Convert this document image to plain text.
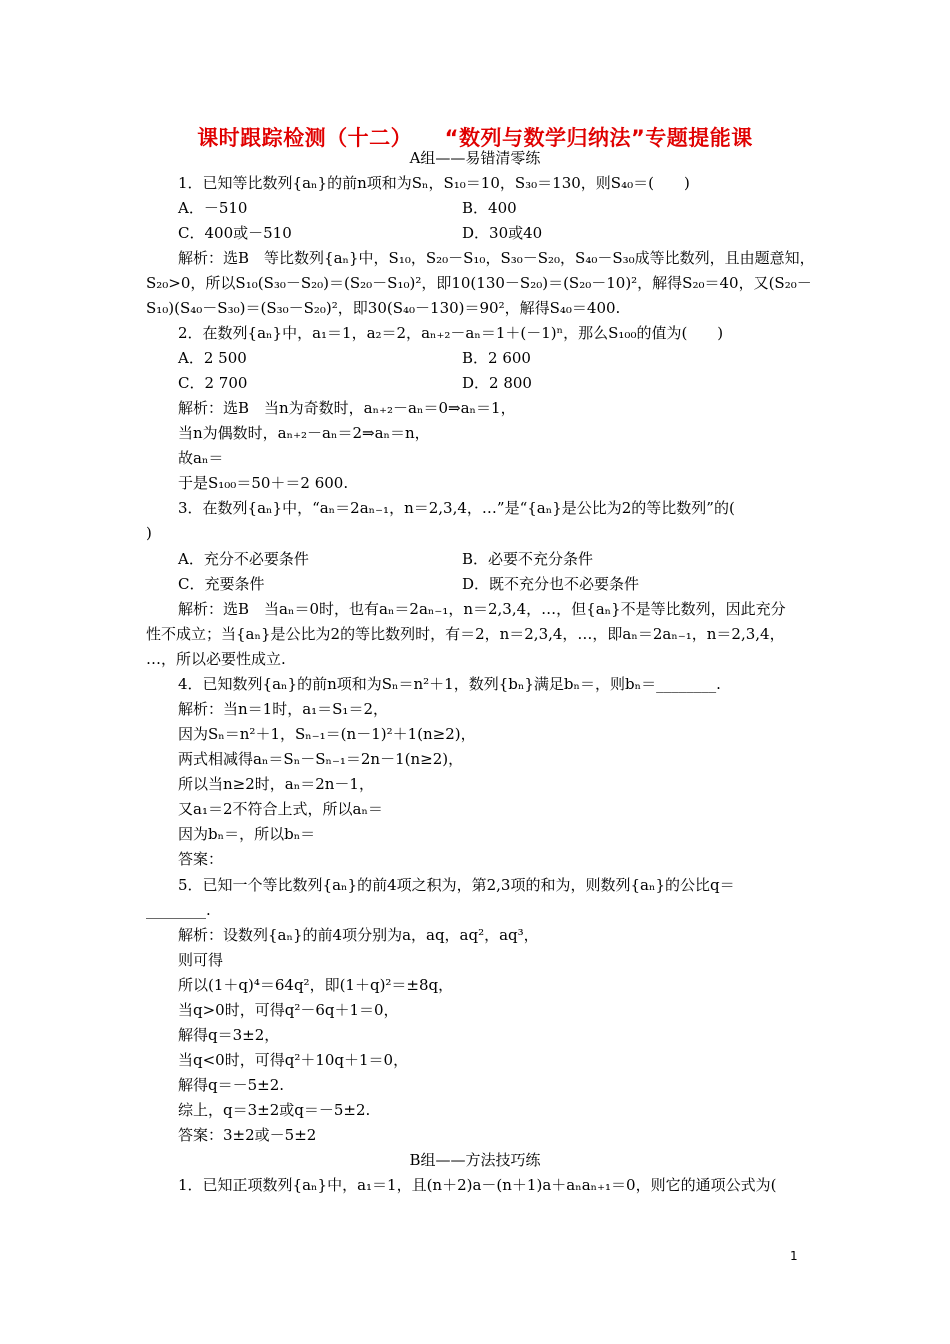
课时跟踪检测（十二）　　“数列与数学归纳法”专题提能课
A组——易错清零练
1．已知等比数列{aₙ}的前n项和为Sₙ，S₁₀＝10，S₃₀＝130，则S₄₀＝(　　)
A．－510	B．400
C．400或－510	D．30或40
解析：选B　等比数列{aₙ}中，S₁₀，S₂₀－S₁₀，S₃₀－S₂₀，S₄₀－S₃₀成等比数列，且由题意知，
S₂₀>0，所以S₁₀(S₃₀－S₂₀)＝(S₂₀－S₁₀)²，即10(130－S₂₀)＝(S₂₀－10)²，解得S₂₀＝40，又(S₂₀－
S₁₀)(S₄₀－S₃₀)＝(S₃₀－S₂₀)²，即30(S₄₀－130)＝90²，解得S₄₀＝400.
2．在数列{aₙ}中，a₁＝1，a₂＝2，aₙ₊₂－aₙ＝1＋(－1)ⁿ，那么S₁₀₀的值为(　　)
A．2 500	B．2 600
C．2 700	D．2 800
解析：选B　当n为奇数时，aₙ₊₂－aₙ＝0⇒aₙ＝1，
当n为偶数时，aₙ₊₂－aₙ＝2⇒aₙ＝n，
故aₙ＝
于是S₁₀₀＝50＋＝2 600.
3．在数列{aₙ}中，“aₙ＝2aₙ₋₁，n＝2,3,4，…”是“{aₙ}是公比为2的等比数列”的(
)
A．充分不必要条件	B．必要不充分条件
C．充要条件	D．既不充分也不必要条件
解析：选B　当aₙ＝0时，也有aₙ＝2aₙ₋₁，n＝2,3,4，…，但{aₙ}不是等比数列，因此充分
性不成立；当{aₙ}是公比为2的等比数列时，有＝2，n＝2,3,4，…，即aₙ＝2aₙ₋₁，n＝2,3,4，
…，所以必要性成立.
4．已知数列{aₙ}的前n项和为Sₙ＝n²＋1，数列{bₙ}满足bₙ＝，则bₙ＝________.
解析：当n＝1时，a₁＝S₁＝2，
因为Sₙ＝n²＋1，Sₙ₋₁＝(n－1)²＋1(n≥2)，
两式相减得aₙ＝Sₙ－Sₙ₋₁＝2n－1(n≥2)，
所以当n≥2时，aₙ＝2n－1，
又a₁＝2不符合上式，所以aₙ＝
因为bₙ＝，所以bₙ＝
答案：
5．已知一个等比数列{aₙ}的前4项之积为，第2,3项的和为，则数列{aₙ}的公比q＝
________.
解析：设数列{aₙ}的前4项分别为a，aq，aq²，aq³，
则可得
所以(1＋q)⁴＝64q²，即(1＋q)²＝±8q，
当q>0时，可得q²－6q＋1＝0，
解得q＝3±2，
当q<0时，可得q²＋10q＋1＝0，
解得q＝－5±2.
综上，q＝3±2或q＝－5±2.
答案：3±2或－5±2
B组——方法技巧练
1．已知正项数列{aₙ}中，a₁＝1，且(n＋2)a－(n＋1)a＋aₙaₙ₊₁＝0，则它的通项公式为(
1
